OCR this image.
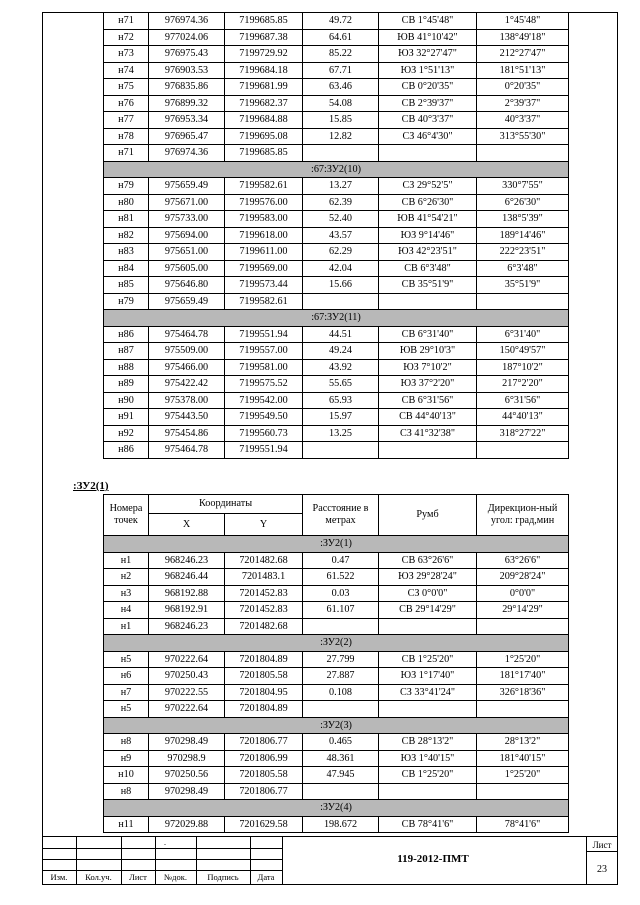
н71	976974.36	7199685.85	49.72	СВ 1°45'48"	1°45'48"
н72	977024.06	7199687.38	64.61	ЮВ 41°10'42"	138°49'18"
н73	976975.43	7199729.92	85.22	ЮЗ 32°27'47"	212°27'47"
н74	976903.53	7199684.18	67.71	ЮЗ 1°51'13"	181°51'13"
н75	976835.86	7199681.99	63.46	СВ 0°20'35"	0°20'35"
н76	976899.32	7199682.37	54.08	СВ 2°39'37"	2°39'37"
н77	976953.34	7199684.88	15.85	СВ 40°3'37"	40°3'37"
н78	976965.47	7199695.08	12.82	СЗ 46°4'30"	313°55'30"
н71	976974.36	7199685.85			
:67:ЗУ2(10)					
н79	975659.49	7199582.61	13.27	СЗ 29°52'5"	330°7'55"
н80	975671.00	7199576.00	62.39	СВ 6°26'30"	6°26'30"
н81	975733.00	7199583.00	52.40	ЮВ 41°54'21"	138°5'39"
н82	975694.00	7199618.00	43.57	ЮЗ 9°14'46"	189°14'46"
н83	975651.00	7199611.00	62.29	ЮЗ 42°23'51"	222°23'51"
н84	975605.00	7199569.00	42.04	СВ 6°3'48"	6°3'48"
н85	975646.80	7199573.44	15.66	СВ 35°51'9"	35°51'9"
н79	975659.49	7199582.61			
:67:ЗУ2(11)					
н86	975464.78	7199551.94	44.51	СВ 6°31'40"	6°31'40"
н87	975509.00	7199557.00	49.24	ЮВ 29°10'3"	150°49'57"
н88	975466.00	7199581.00	43.92	ЮЗ 7°10'2"	187°10'2"
н89	975422.42	7199575.52	55.65	ЮЗ 37°2'20"	217°2'20"
н90	975378.00	7199542.00	65.93	СВ 6°31'56"	6°31'56"
н91	975443.50	7199549.50	15.97	СВ 44°40'13"	44°40'13"
н92	975454.86	7199560.73	13.25	СЗ 41°32'38"	318°27'22"
н86	975464.78	7199551.94			
:ЗУ2(1)
Номера точек	Координаты		Расстояние в метрах	Румб	Дирекцион-ный угол: град,мин
	X	Y			
:ЗУ2(1)					
н1	968246.23	7201482.68	0.47	СВ 63°26'6"	63°26'6"
н2	968246.44	7201483.1	61.522	ЮЗ 29°28'24"	209°28'24"
н3	968192.88	7201452.83	0.03	СЗ 0°0'0"	0°0'0"
н4	968192.91	7201452.83	61.107	СВ 29°14'29"	29°14'29"
н1	968246.23	7201482.68			
:ЗУ2(2)					
н5	970222.64	7201804.89	27.799	СВ 1°25'20"	1°25'20"
н6	970250.43	7201805.58	27.887	ЮЗ 1°17'40"	181°17'40"
н7	970222.55	7201804.95	0.108	СЗ 33°41'24"	326°18'36"
н5	970222.64	7201804.89			
:ЗУ2(3)					
н8	970298.49	7201806.77	0.465	СВ 28°13'2"	28°13'2"
н9	970298.9	7201806.99	48.361	ЮЗ 1°40'15"	181°40'15"
н10	970250.56	7201805.58	47.945	СВ 1°25'20"	1°25'20"
н8	970298.49	7201806.77			
:ЗУ2(4)					
н11	972029.88	7201629.58	198.672	СВ 78°41'6"	78°41'6"
.
Изм.	Кол.уч.	Лист	№док.	Подпись	Дата
119-2012-ПМТ
Лист
23
